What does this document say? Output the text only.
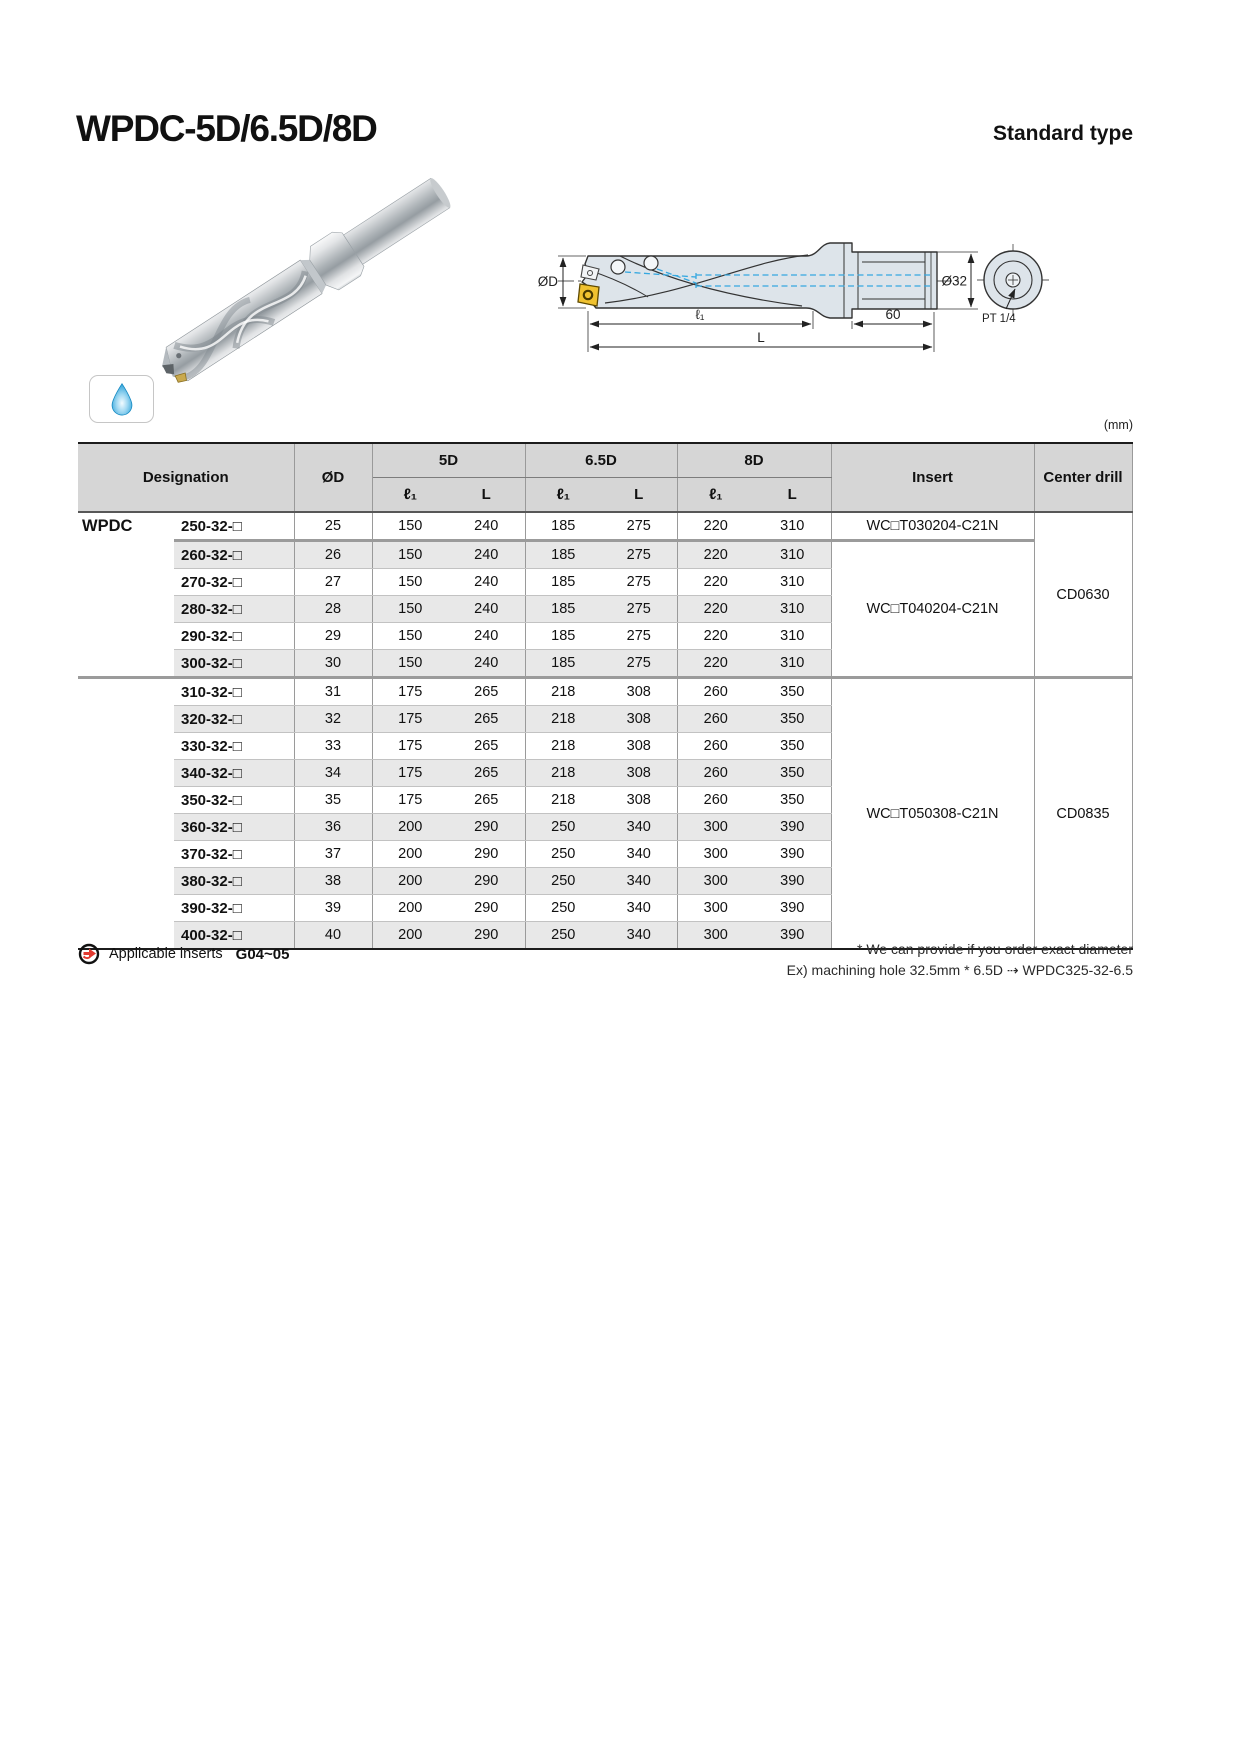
WPDC-5D/6.5D/8D	Standard type
ØD	Ø32
ℓ₁	60
L
PT 1/4
(mm)
Designation		ØD	5D		6.5D		8D		Insert	Center drill
			ℓ₁	L	ℓ₁	L	ℓ₁	L		
WPDC	250-32-□	25	150	240	185	275	220	310	WC□T030204-C21N	CD0630
	260-32-□	26	150	240	185	275	220	310	WC□T040204-C21N	
	270-32-□	27	150	240	185	275	220	310		
	280-32-□	28	150	240	185	275	220	310		
	290-32-□	29	150	240	185	275	220	310		
	300-32-□	30	150	240	185	275	220	310		
	310-32-□	31	175	265	218	308	260	350	WC□T050308-C21N	CD0835
	320-32-□	32	175	265	218	308	260	350		
	330-32-□	33	175	265	218	308	260	350		
	340-32-□	34	175	265	218	308	260	350		
	350-32-□	35	175	265	218	308	260	350		
	360-32-□	36	200	290	250	340	300	390		
	370-32-□	37	200	290	250	340	300	390		
	380-32-□	38	200	290	250	340	300	390		
	390-32-□	39	200	290	250	340	300	390		
	400-32-□	40	200	290	250	340	300	390		
Applicable inserts G04~05	* We can provide if you order exact diameter
Ex) machining hole 32.5mm * 6.5D ⇢ WPDC325-32-6.5
